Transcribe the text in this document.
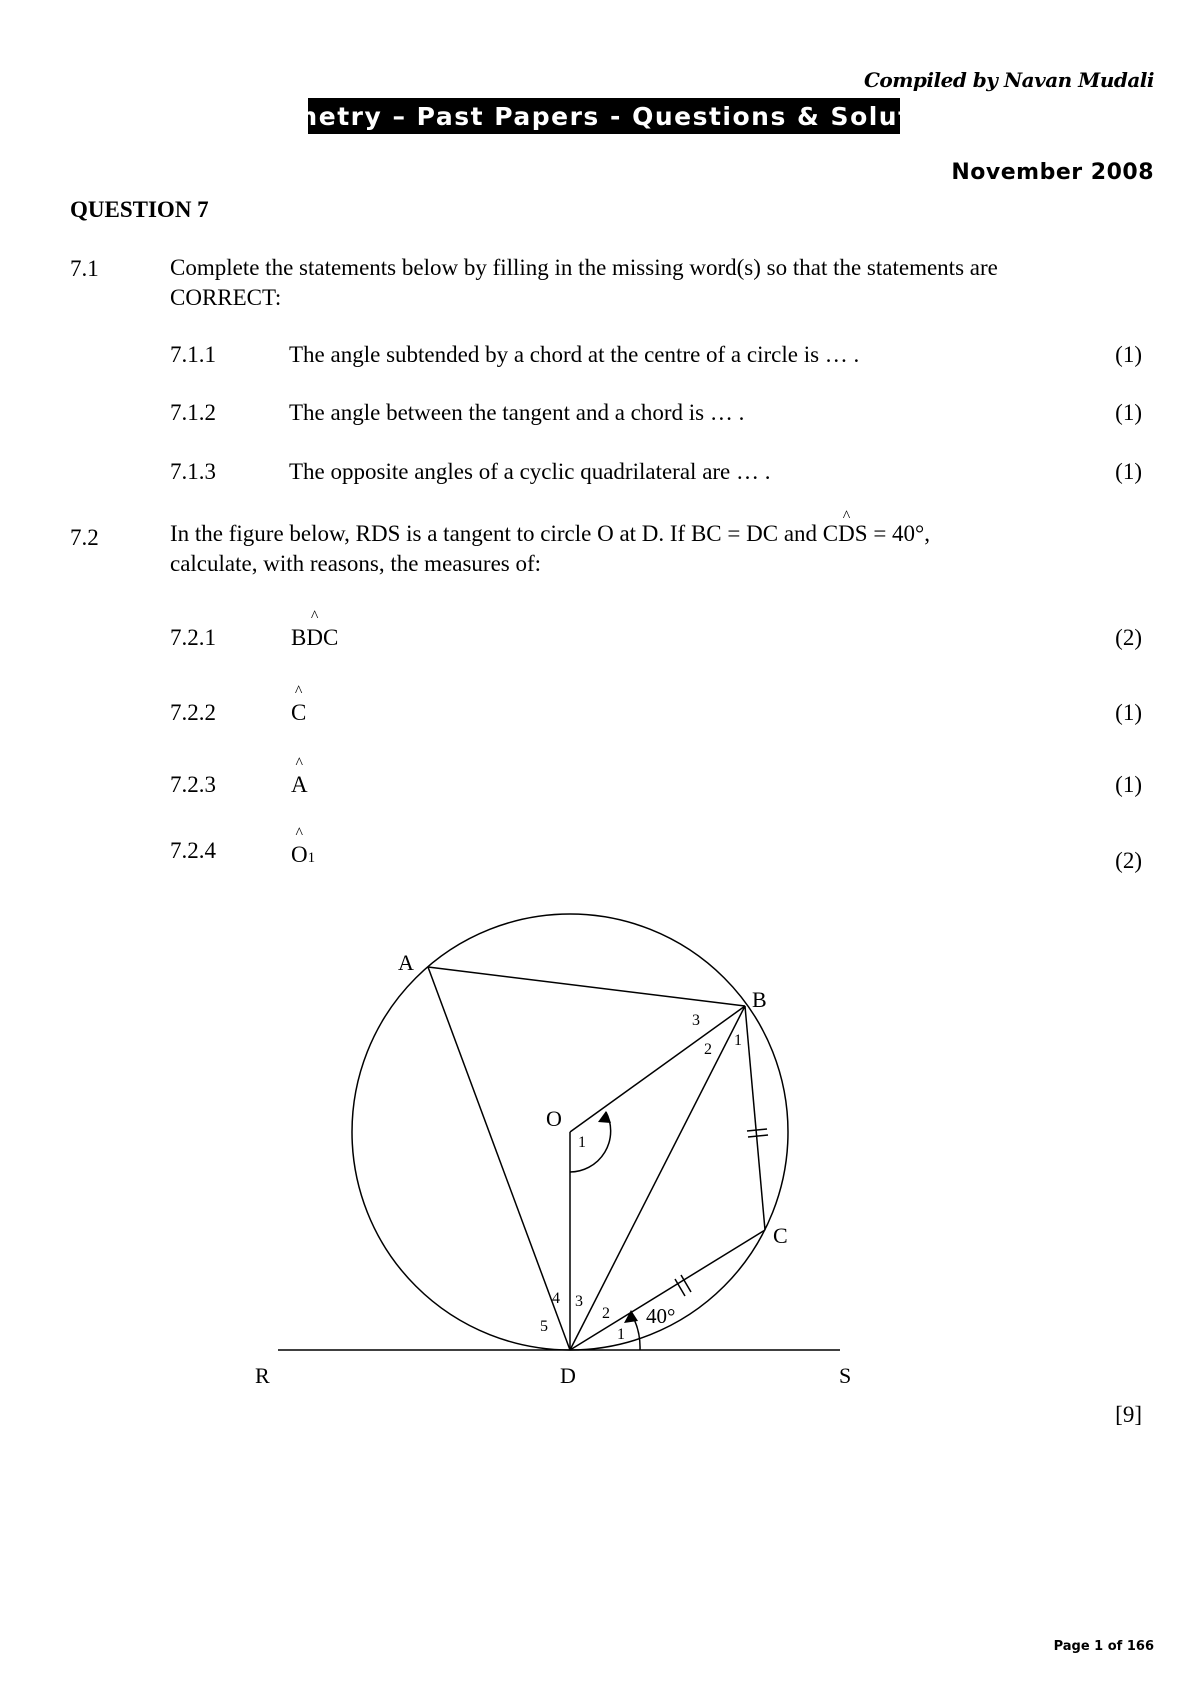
Compiled by Navan Mudali
Geometry – Past Papers - Questions & Solutions
November 2008
QUESTION 7
7.1	Complete the statements below by filling in the missing word(s) so that the statements are CORRECT:
7.1.1	The angle subtended by a chord at the centre of a circle is … .	(1)
7.1.2	The angle between the tangent and a chord is … .	(1)
7.1.3	The opposite angles of a cyclic quadrilateral are … .	(1)
7.2	In the figure below, RDS is a tangent to circle O at D. If BC = DC and C^ DS = 40°,
calculate, with reasons, the measures of:
7.2.1	B^ DC	(2)
7.2.2	^ C	(1)
7.2.3	^ A	(1)
7.2.4	^ O1	(2)
A
B
C
D
O
R	S
40°
3
2
1
1
4 3
2
5	1
[9]
Page 1 of 166
